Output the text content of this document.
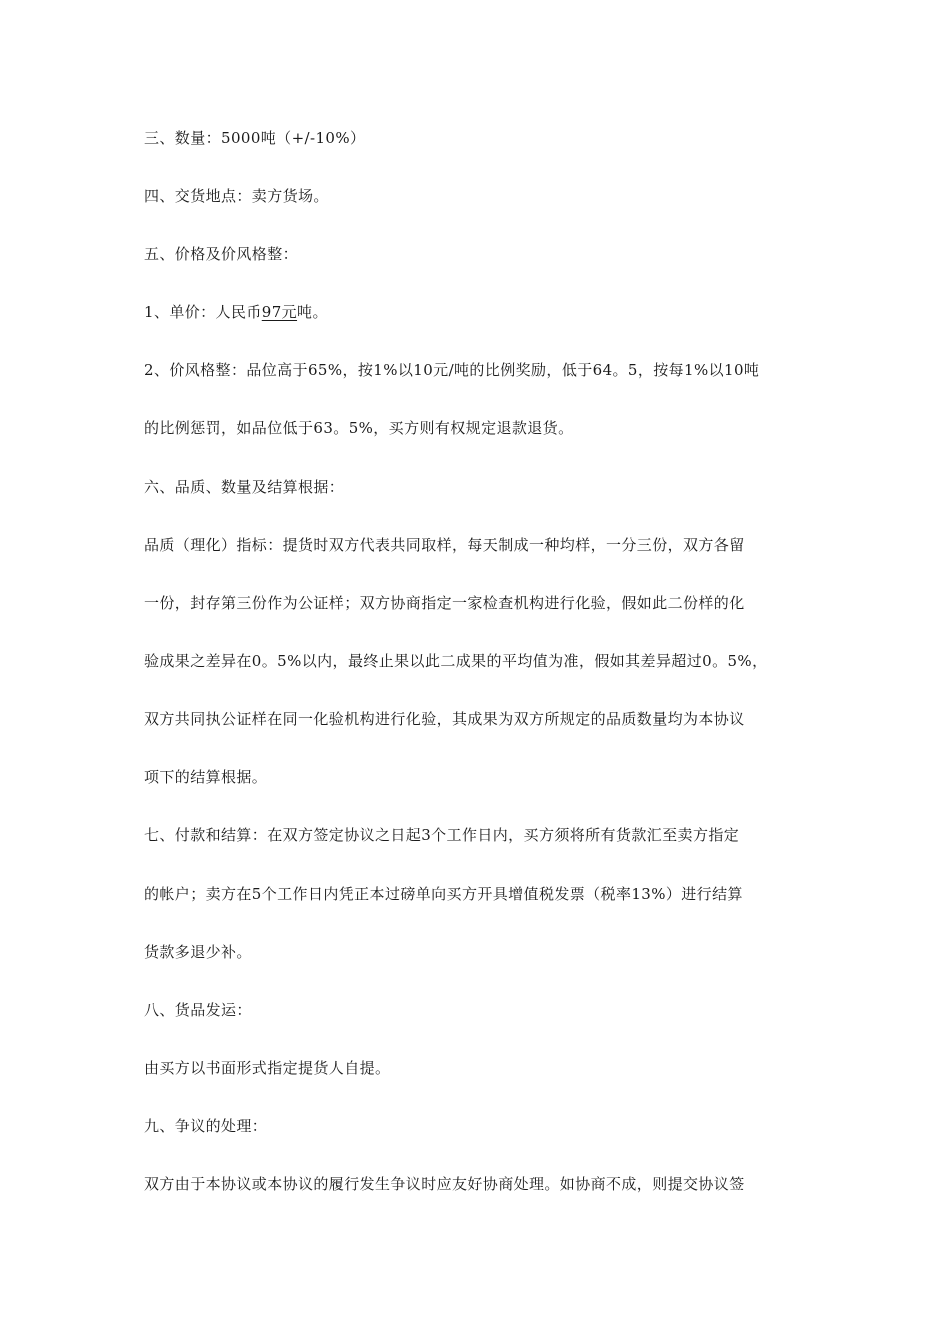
三、数量：5000吨（+/-10%）
四、交货地点：卖方货场。
五、价格及价风格整：
1、单价：人民币97元吨。
2、价风格整：品位高于65%，按1%以10元/吨的比例奖励，低于64。5，按每1%以10吨
的比例惩罚，如品位低于63。5%，买方则有权规定退款退货。
六、品质、数量及结算根据：
品质（理化）指标：提货时双方代表共同取样，每天制成一种均样，一分三份，双方各留
一份，封存第三份作为公证样；双方协商指定一家检查机构进行化验，假如此二份样的化
验成果之差异在0。5%以内，最终止果以此二成果的平均值为准，假如其差异超过0。5%，
双方共同执公证样在同一化验机构进行化验，其成果为双方所规定的品质数量均为本协议
项下的结算根据。
七、付款和结算：在双方签定协议之日起3个工作日内，买方须将所有货款汇至卖方指定
的帐户；卖方在5个工作日内凭正本过磅单向买方开具增值税发票（税率13%）进行结算
货款多退少补。
八、货品发运：
由买方以书面形式指定提货人自提。
九、争议的处理：
双方由于本协议或本协议的履行发生争议时应友好协商处理。如协商不成，则提交协议签
